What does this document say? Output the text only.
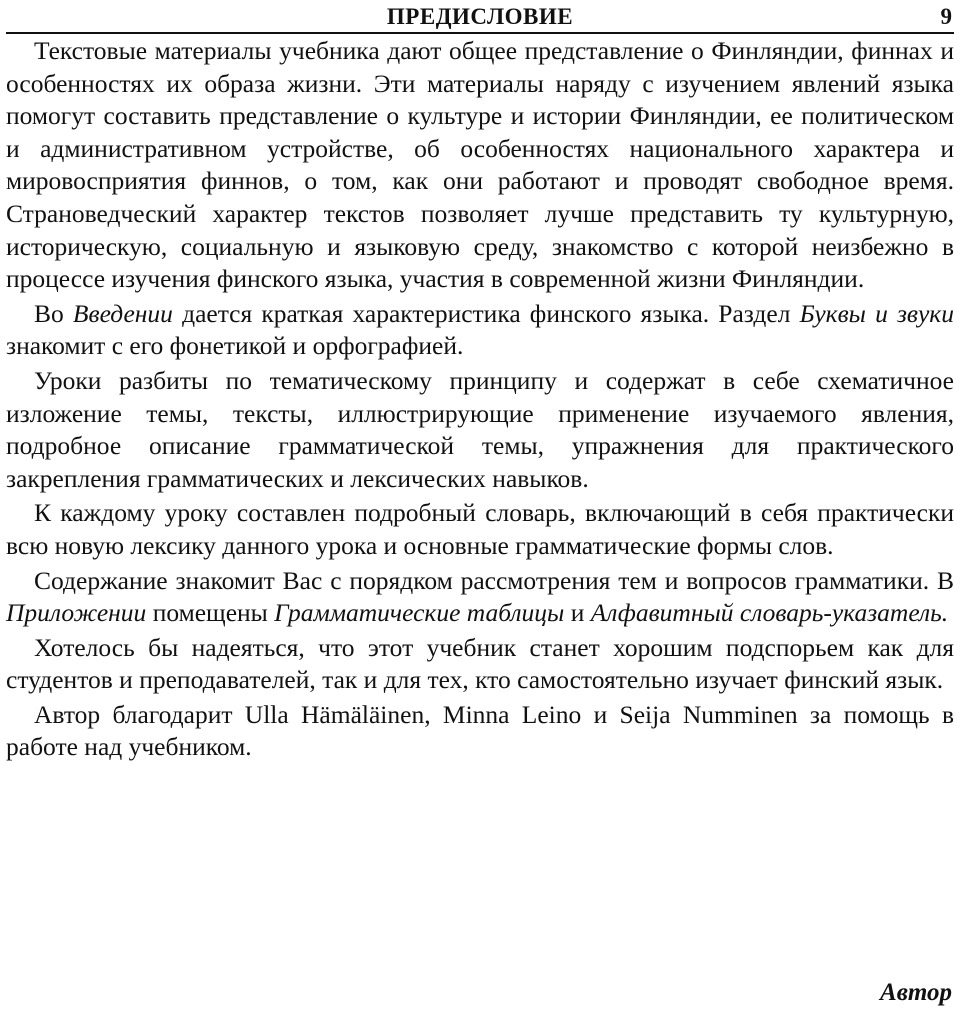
ПРЕДИСЛОВИЕ	9

Текстовые материалы учебника дают общее представление о Финляндии, финнах и особенностях их образа жизни. Эти материалы наряду с изучением явлений языка помогут составить представление о культуре и истории Финляндии, ее политическом и административном устройстве, об особенностях национального характера и мировосприятия финнов, о том, как они работают и проводят свободное время. Страноведческий характер текстов позволяет лучше представить ту культурную, историческую, социальную и языковую среду, знакомство с которой неизбежно в процессе изучения финского языка, участия в современной жизни Финляндии.

Во Введении дается краткая характеристика финского языка. Раздел Буквы и звуки знакомит с его фонетикой и орфографией.

Уроки разбиты по тематическому принципу и содержат в себе схематичное изложение темы, тексты, иллюстрирующие применение изучаемого явления, подробное описание грамматической темы, упражнения для практического закрепления грамматических и лексических навыков.

К каждому уроку составлен подробный словарь, включающий в себя практически всю новую лексику данного урока и основные грамматические формы слов.

Содержание знакомит Вас с порядком рассмотрения тем и вопросов грамматики. В Приложении помещены Грамматические таблицы и Алфавитный словарь-указатель.

Хотелось бы надеяться, что этот учебник станет хорошим подспорьем как для студентов и преподавателей, так и для тех, кто самостоятельно изучает финский язык.

Автор благодарит Ulla Hämäläinen, Minna Leino и Seija Numminen за помощь в работе над учебником.

Автор
